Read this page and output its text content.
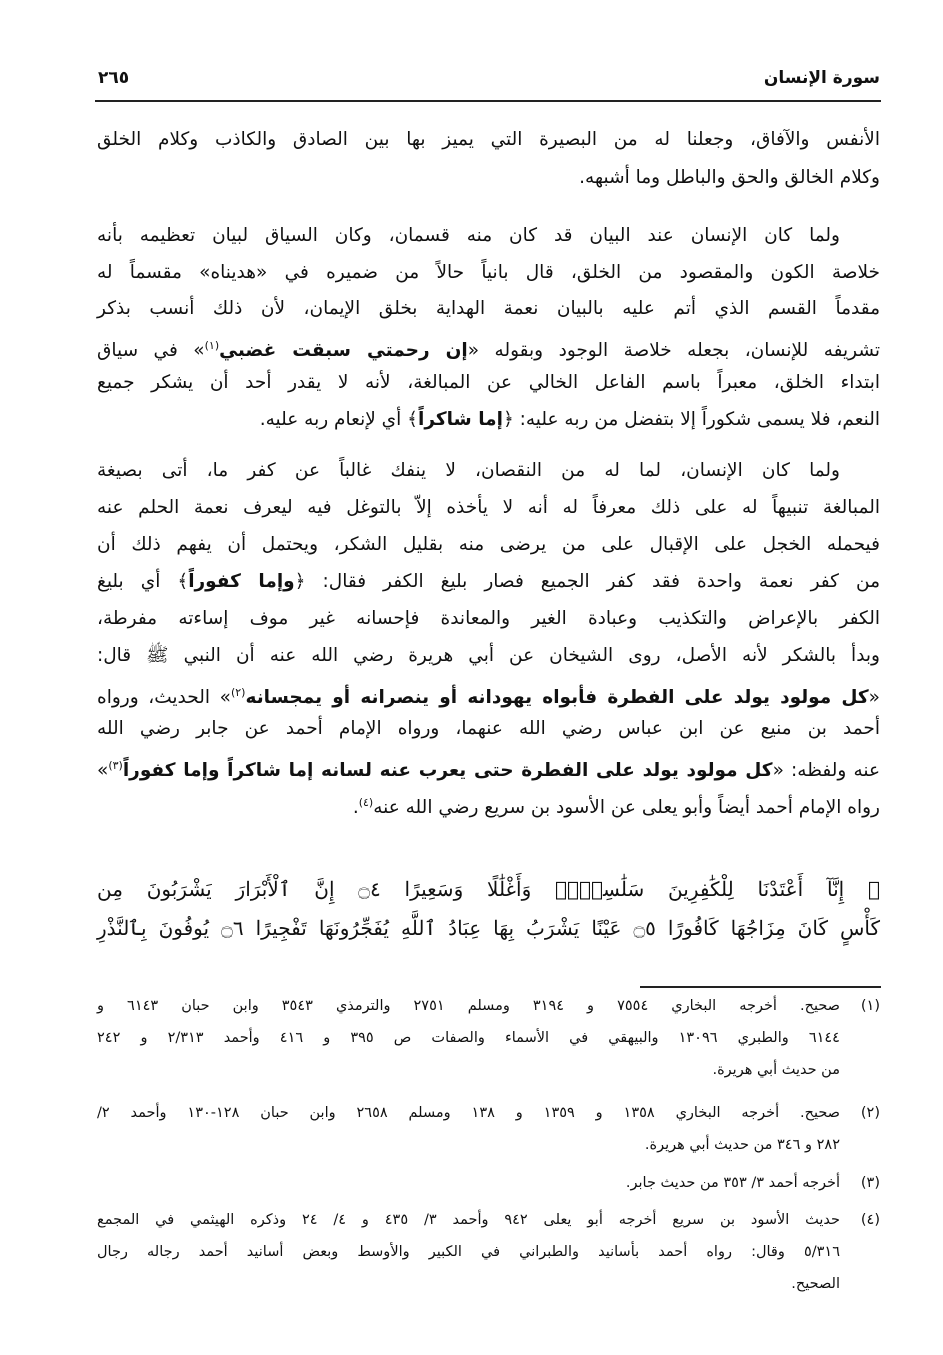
سورة الإنسان
٢٦٥
الأنفس والآفاق، وجعلنا له من البصيرة التي يميز بها بين الصادق والكاذب وكلام الخلق
وكلام الخالق والحق والباطل وما أشبهه.
ولما كان الإنسان عند البيان قد كان منه قسمان، وكان السياق لبيان تعظيمه بأنه
خلاصة الكون والمقصود من الخلق، قال بانياً حالاً من ضميره في «هديناه» مقسماً له
مقدماً القسم الذي أتم عليه بالبيان نعمة الهداية بخلق الإيمان، لأن ذلك أنسب بذكر
تشريفه للإنسان، بجعله خلاصة الوجود وبقوله «إن رحمتي سبقت غضبي$^{(١)}$» في سياق
ابتداء الخلق، معبراً باسم الفاعل الخالي عن المبالغة، لأنه لا يقدر أحد أن يشكر جميع
النعم، فلا يسمى شكوراً إلا بتفضل من ربه عليه: ﴿إما شاكراً﴾ أي لإنعام ربه عليه.
ولما كان الإنسان، لما له من النقصان، لا ينفك غالباً عن كفر ما، أتى بصيغة
المبالغة تنبيهاً له على ذلك معرفاً له أنه لا يأخذه إلاّ بالتوغل فيه ليعرف نعمة الحلم عنه
فيحمله الخجل على الإقبال على من يرضى منه بقليل الشكر، ويحتمل أن يفهم ذلك أن
من كفر نعمة واحدة فقد كفر الجميع فصار بليغ الكفر فقال: ﴿وإما كفوراً﴾ أي بليغ
الكفر بالإعراض والتكذيب وعبادة الغير والمعاندة فإحسانه غير موف إساءته مفرطة،
وبدأ بالشكر لأنه الأصل، روى الشيخان عن أبي هريرة رضي الله عنه أن النبي ﷺ قال:
«كل مولود يولد على الفطرة فأبواه يهودانه أو ينصرانه أو يمجسانه$^{(٢)}$» الحديث، ورواه
أحمد بن منيع عن ابن عباس رضي الله عنهما، ورواه الإمام أحمد عن جابر رضي الله
عنه ولفظه: «كل مولود يولد على الفطرة حتى يعرب عنه لسانه إما شاكراً وإما كفوراً$^{(٣)}$»
رواه الإمام أحمد أيضاً وأبو يعلى عن الأسود بن سريع رضي الله عنه$^{(٤)}$.
﴿ إِنَّآ أَعْتَدْنَا لِلْكَٰفِرِينَ سَلَٰسِلَا۟ وَأَغْلَٰلًا وَسَعِيرًا ۝٤ إِنَّ ٱلْأَبْرَارَ يَشْرَبُونَ مِن
كَأْسٍ كَانَ مِزَاجُهَا كَافُورًا ۝٥ عَيْنًا يَشْرَبُ بِهَا عِبَادُ ٱللَّهِ يُفَجِّرُونَهَا تَفْجِيرًا ۝٦ يُوفُونَ بِٱلنَّذْرِ
(١)
صحيح. أخرجه البخاري ٧٥٥٤ و ٣١٩٤ ومسلم ٢٧٥١ والترمذي ٣٥٤٣ وابن حبان ٦١٤٣ و
٦١٤٤ والطبري ١٣٠٩٦ والبيهقي في الأسماء والصفات ص ٣٩٥ و ٤١٦ وأحمد ٢/٣١٣ و ٢٤٢
من حديث أبي هريرة.
(٢)
صحيح. أخرجه البخاري ١٣٥٨ و ١٣٥٩ و ١٣٨ ومسلم ٢٦٥٨ وابن حبان ١٢٨-١٣٠ وأحمد ٢/
٢٨٢ و ٣٤٦ من حديث أبي هريرة.
(٣)
أخرجه أحمد ٣/ ٣٥٣ من حديث جابر.
(٤)
حديث الأسود بن سريع أخرجه أبو يعلى ٩٤٢ وأحمد ٣/ ٤٣٥ و ٤/ ٢٤ وذكره الهيثمي في المجمع
٥/٣١٦ وقال: رواه أحمد بأسانيد والطبراني في الكبير والأوسط وبعض أسانيد أحمد رجاله رجال
الصحيح.
